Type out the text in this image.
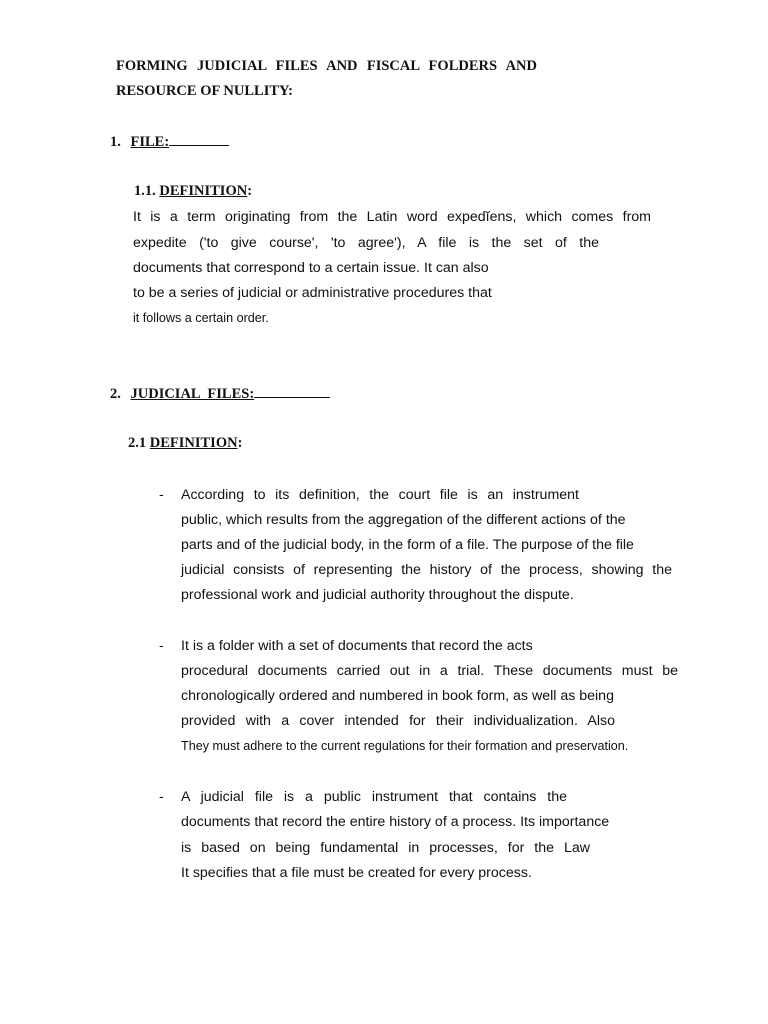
FORMING JUDICIAL FILES AND FISCAL FOLDERS AND
RESOURCE OF NULLITY:
1. FILE:
1.1. DEFINITION:
It is a term originating from the Latin word expedĭens, which comes from
expedite ('to give course', 'to agree'), A file is the set of the
documents that correspond to a certain issue. It can also
to be a series of judicial or administrative procedures that
it follows a certain order.
2. JUDICIAL FILES:
2.1 DEFINITION:
- According to its definition, the court file is an instrument
public, which results from the aggregation of the different actions of the
parts and of the judicial body, in the form of a file. The purpose of the file
judicial consists of representing the history of the process, showing the
professional work and judicial authority throughout the dispute.
- It is a folder with a set of documents that record the acts
procedural documents carried out in a trial. These documents must be
chronologically ordered and numbered in book form, as well as being
provided with a cover intended for their individualization. Also
They must adhere to the current regulations for their formation and preservation.
- A judicial file is a public instrument that contains the
documents that record the entire history of a process. Its importance
is based on being fundamental in processes, for the Law
It specifies that a file must be created for every process.
